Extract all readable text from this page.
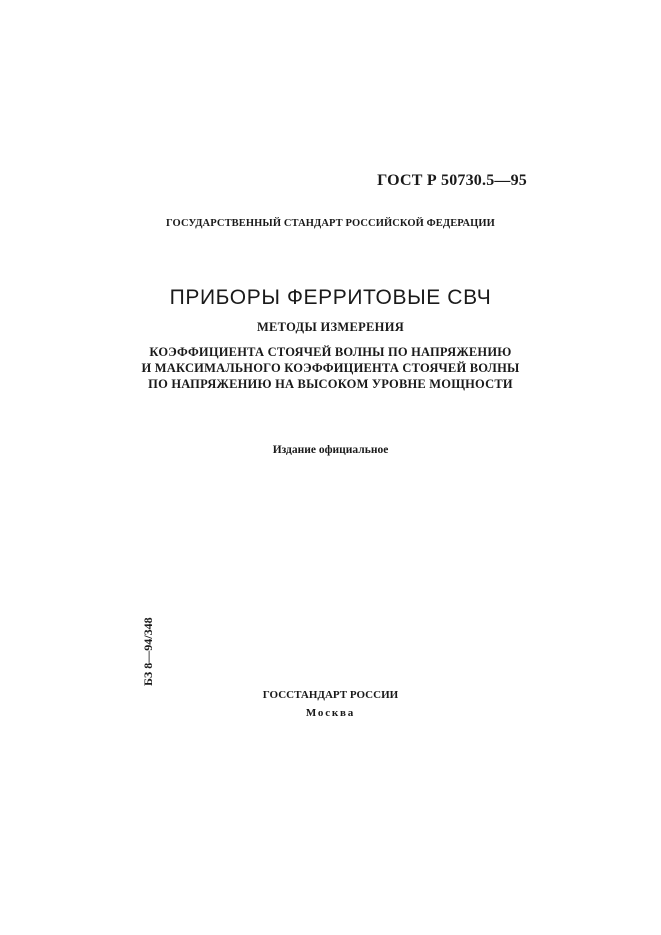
ГОСТ Р 50730.5—95
ГОСУДАРСТВЕННЫЙ СТАНДАРТ РОССИЙСКОЙ ФЕДЕРАЦИИ
ПРИБОРЫ ФЕРРИТОВЫЕ СВЧ
МЕТОДЫ ИЗМЕРЕНИЯ
КОЭФФИЦИЕНТА СТОЯЧЕЙ ВОЛНЫ ПО НАПРЯЖЕНИЮ
И МАКСИМАЛЬНОГО КОЭФФИЦИЕНТА СТОЯЧЕЙ ВОЛНЫ
ПО НАПРЯЖЕНИЮ НА ВЫСОКОМ УРОВНЕ МОЩНОСТИ
Издание официальное
БЗ 8—94/348
ГОССТАНДАРТ РОССИИ
Москва
